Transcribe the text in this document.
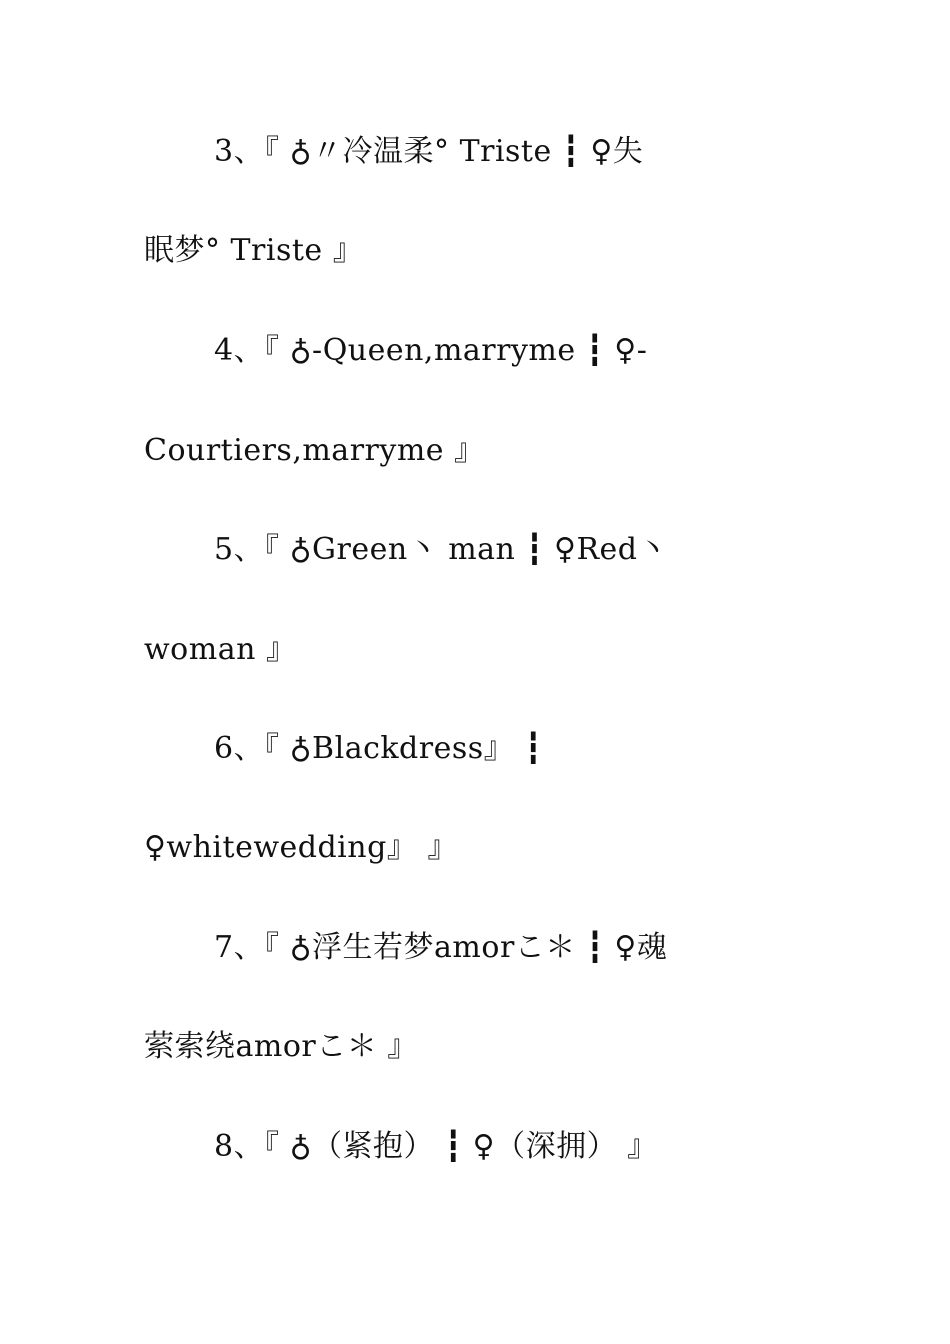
3、『 ♁〃冷温柔° Triste ┇ ♀失
眠梦° Triste 』
4、『 ♁-Queen,marryme ┇ ♀-
Courtiers,marryme 』
5、『 ♁Green丶 man ┇ ♀Red丶
woman 』
6、『 ♁Blackdress』 ┇
♀whitewedding』 』
7、『 ♁浮生若梦amorこ＊ ┇ ♀魂
萦索绕amorこ＊ 』
8、『 ♁（紧抱） ┇ ♀（深拥） 』
